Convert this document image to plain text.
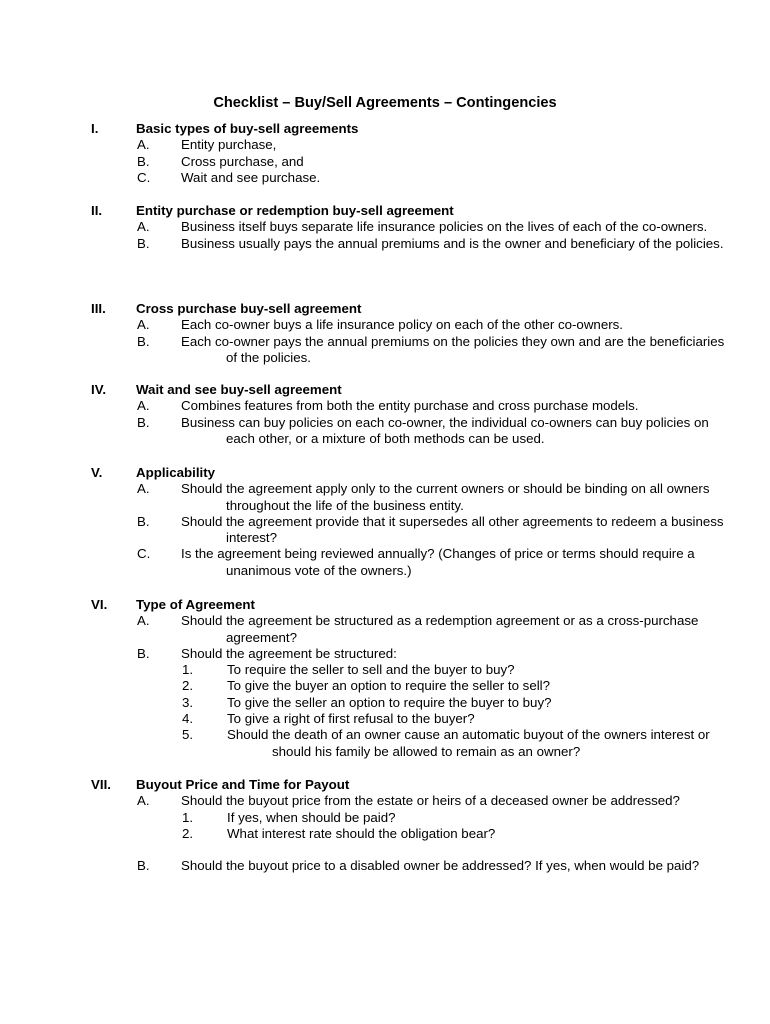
Checklist – Buy/Sell Agreements – Contingencies
I.	Basic types of buy-sell agreements
A. Entity purchase,
B. Cross purchase, and
C. Wait and see purchase.
II.	Entity purchase or redemption buy-sell agreement
A. Business itself buys separate life insurance policies on the lives of each of the co-owners.
B. Business usually pays the annual premiums and is the owner and beneficiary of the policies.
III. Cross purchase buy-sell agreement
A. Each co-owner buys a life insurance policy on each of the other co-owners.
B. Each co-owner pays the annual premiums on the policies they own and are the beneficiaries of the policies.
IV. Wait and see buy-sell agreement
A. Combines features from both the entity purchase and cross purchase models.
B. Business can buy policies on each co-owner, the individual co-owners can buy policies on each other, or a mixture of both methods can be used.
V.	Applicability
A. Should the agreement apply only to the current owners or should be binding on all owners throughout the life of the business entity.
B. Should the agreement provide that it supersedes all other agreements to redeem a business interest?
C. Is the agreement being reviewed annually? (Changes of price or terms should require a unanimous vote of the owners.)
VI. Type of Agreement
A. Should the agreement be structured as a redemption agreement or as a cross-purchase agreement?
B. Should the agreement be structured:
1.	To require the seller to sell and the buyer to buy?
2.	To give the buyer an option to require the seller to sell?
3.	To give the seller an option to require the buyer to buy?
4.	To give a right of first refusal to the buyer?
5.	Should the death of an owner cause an automatic buyout of the owners interest or should his family be allowed to remain as an owner?
VII. Buyout Price and Time for Payout
A. Should the buyout price from the estate or heirs of a deceased owner be addressed?
1.	If yes, when should be paid?
2.	What interest rate should the obligation bear?
B. Should the buyout price to a disabled owner be addressed? If yes, when would be paid?
